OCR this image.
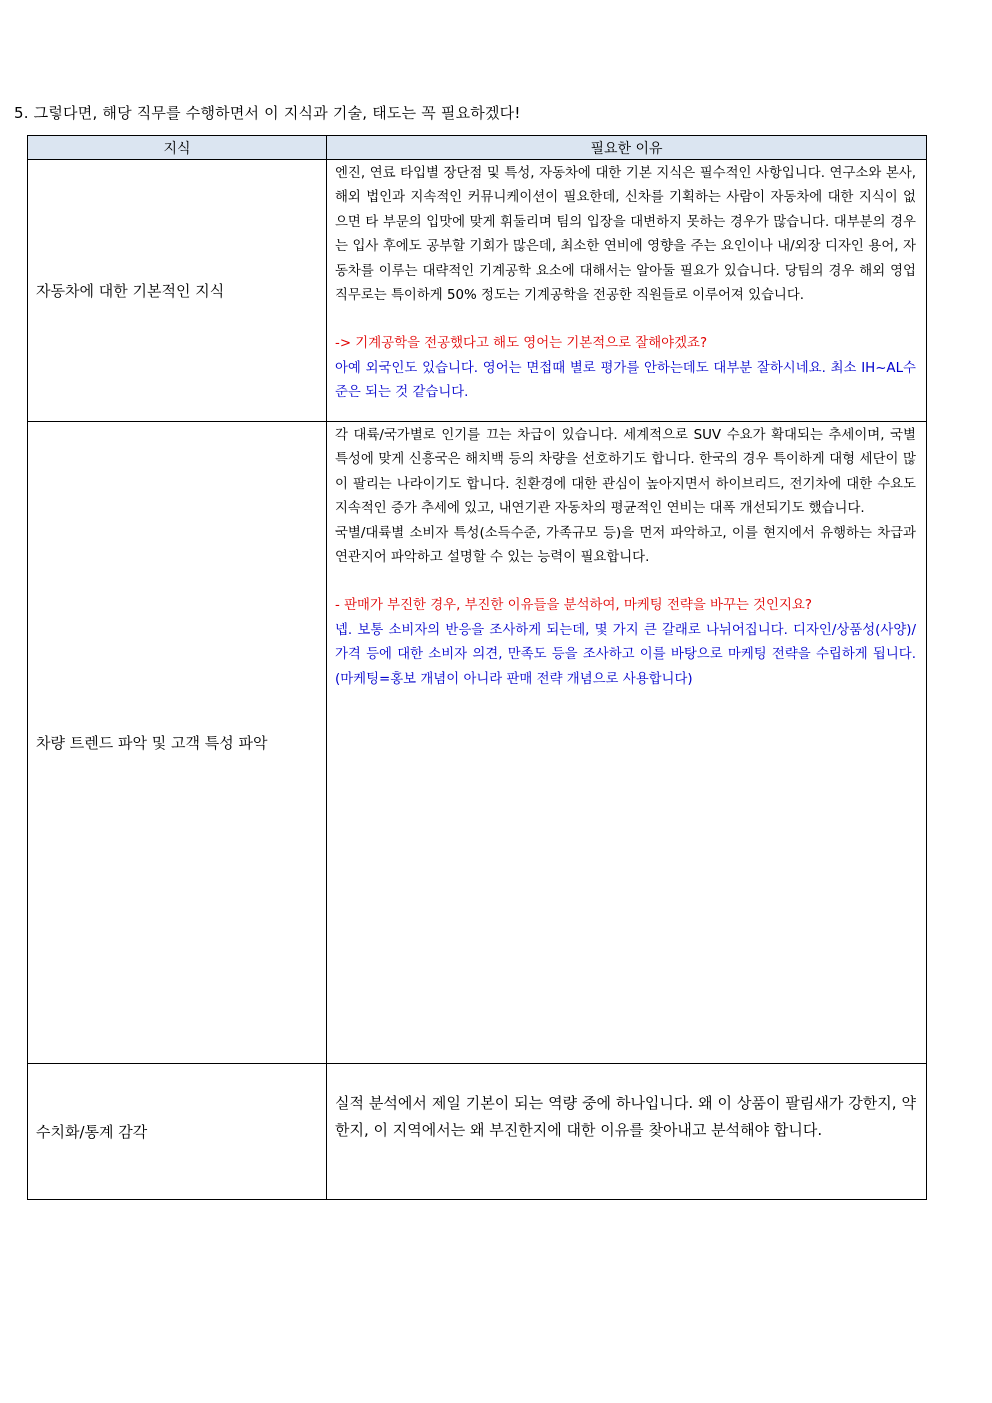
5. 그렇다면, 해당 직무를 수행하면서 이 지식과 기술, 태도는 꼭 필요하겠다!
지식	필요한 이유
자동차에 대한 기본적인 지식	엔진, 연료 타입별 장단점 및 특성, 자동차에 대한 기본 지식은 필수적인 사항입니다. 연구소와 본사, 해외 법인과 지속적인 커뮤니케이션이 필요한데, 신차를 기획하는 사람이 자동차에 대한 지식이 없으면 타 부문의 입맛에 맞게 휘둘리며 팀의 입장을 대변하지 못하는 경우가 많습니다. 대부분의 경우는 입사 후에도 공부할 기회가 많은데, 최소한 연비에 영향을 주는 요인이나 내/외장 디자인 용어, 자동차를 이루는 대략적인 기계공학 요소에 대해서는 알아둘 필요가 있습니다. 당팀의 경우 해외 영업 직무로는 특이하게 50% 정도는 기계공학을 전공한 직원들로 이루어져 있습니다.

-> 기계공학을 전공했다고 해도 영어는 기본적으로 잘해야겠죠?

아예 외국인도 있습니다. 영어는 면접때 별로 평가를 안하는데도 대부분 잘하시네요. 최소 IH~AL수준은 되는 것 같습니다.

차량 트렌드 파악 및 고객 특성 파악	각 대륙/국가별로 인기를 끄는 차급이 있습니다. 세계적으로 SUV 수요가 확대되는 추세이며, 국별 특성에 맞게 신흥국은 해치백 등의 차량을 선호하기도 합니다. 한국의 경우 특이하게 대형 세단이 많이 팔리는 나라이기도 합니다. 친환경에 대한 관심이 높아지면서 하이브리드, 전기차에 대한 수요도 지속적인 증가 추세에 있고, 내연기관 자동차의 평균적인 연비는 대폭 개선되기도 했습니다.

국별/대륙별 소비자 특성(소득수준, 가족규모 등)을 먼저 파악하고, 이를 현지에서 유행하는 차급과 연관지어 파악하고 설명할 수 있는 능력이 필요합니다.

- 판매가 부진한 경우, 부진한 이유들을 분석하여, 마케팅 전략을 바꾸는 것인지요?

넵. 보통 소비자의 반응을 조사하게 되는데, 몇 가지 큰 갈래로 나뉘어집니다. 디자인/상품성(사양)/가격 등에 대한 소비자 의견, 만족도 등을 조사하고 이를 바탕으로 마케팅 전략을 수립하게 됩니다.(마케팅=홍보 개념이 아니라 판매 전략 개념으로 사용합니다)

수치화/통계 감각	실적 분석에서 제일 기본이 되는 역량 중에 하나입니다. 왜 이 상품이 팔림새가 강한지, 약한지, 이 지역에서는 왜 부진한지에 대한 이유를 찾아내고 분석해야 합니다.
